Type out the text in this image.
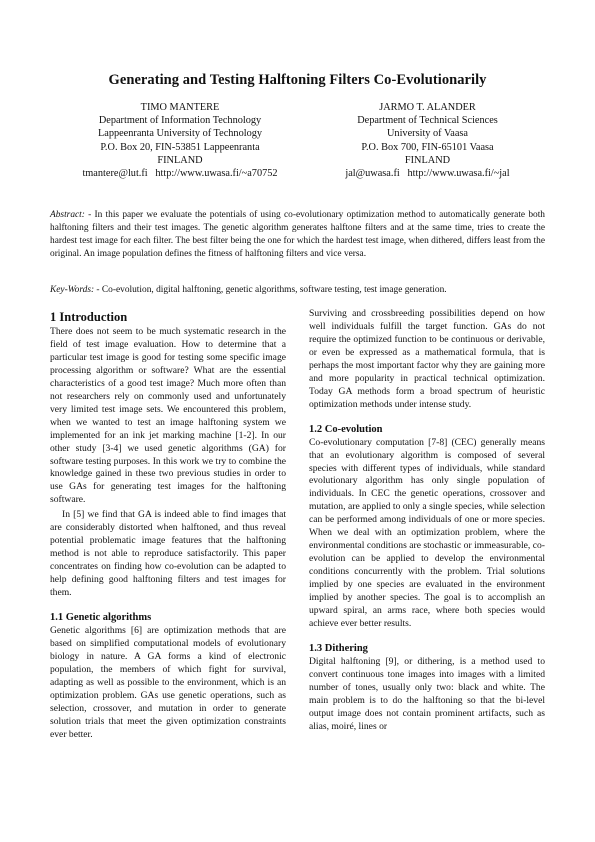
Generating and Testing Halftoning Filters Co-Evolutionarily
TIMO MANTERE
Department of Information Technology
Lappeenranta University of Technology
P.O. Box 20, FIN-53851 Lappeenranta
FINLAND
tmantere@lut.fi   http://www.uwasa.fi/~a70752
JARMO T. ALANDER
Department of Technical Sciences
University of Vaasa
P.O. Box 700, FIN-65101 Vaasa
FINLAND
jal@uwasa.fi   http://www.uwasa.fi/~jal
Abstract: - In this paper we evaluate the potentials of using co-evolutionary optimization method to automatically generate both halftoning filters and their test images. The genetic algorithm generates halftone filters and at the same time, tries to create the hardest test image for each filter. The best filter being the one for which the hardest test image, when dithered, differs least from the original. An image population defines the fitness of halftoning filters and vice versa.
Key-Words: - Co-evolution, digital halftoning, genetic algorithms, software testing, test image generation.
1 Introduction

There does not seem to be much systematic research in the field of test image evaluation. How to determine that a particular test image is good for testing some specific image processing algorithm or software? What are the essential characteristics of a good test image? Much more often than not researchers rely on commonly used and unfortunately very limited test image sets. We encountered this problem, when we wanted to test an image halftoning system we implemented for an ink jet marking machine [1-2]. In our other study [3-4] we used genetic algorithms (GA) for software testing purposes. In this work we try to combine the knowledge gained in these two previous studies in order to use GAs for generating test images for the halftoning software.

In [5] we find that GA is indeed able to find images that are considerably distorted when halftoned, and thus reveal potential problematic image features that the halftoning method is not able to reproduce satisfactorily. This paper concentrates on finding how co-evolution can be adapted to help defining good halftoning filters and test images for them.

1.1 Genetic algorithms

Genetic algorithms [6] are optimization methods that are based on simplified computational models of evolutionary biology in nature. A GA forms a kind of electronic population, the members of which fight for survival, adapting as well as possible to the environment, which is an optimization problem. GAs use genetic operations, such as selection, crossover, and mutation in order to generate solution trials that meet the given optimization constraints ever better.

Surviving and crossbreeding possibilities depend on how well individuals fulfill the target function. GAs do not require the optimized function to be continuous or derivable, or even be expressed as a mathematical formula, that is perhaps the most important factor why they are gaining more and more popularity in practical technical optimization. Today GA methods form a broad spectrum of heuristic optimization methods under intense study.

1.2 Co-evolution

Co-evolutionary computation [7-8] (CEC) generally means that an evolutionary algorithm is composed of several species with different types of individuals, while standard evolutionary algorithm has only single population of individuals. In CEC the genetic operations, crossover and mutation, are applied to only a single species, while selection can be performed among individuals of one or more species. When we deal with an optimization problem, where the environmental conditions are stochastic or immeasurable, co-evolution can be applied to develop the environmental conditions concurrently with the problem. Trial solutions implied by one species are evaluated in the environment implied by another species. The goal is to accomplish an upward spiral, an arms race, where both species would achieve ever better results.

1.3 Dithering

Digital halftoning [9], or dithering, is a method used to convert continuous tone images into images with a limited number of tones, usually only two: black and white. The main problem is to do the halftoning so that the bi-level output image does not contain prominent artifacts, such as alias, moiré, lines or
